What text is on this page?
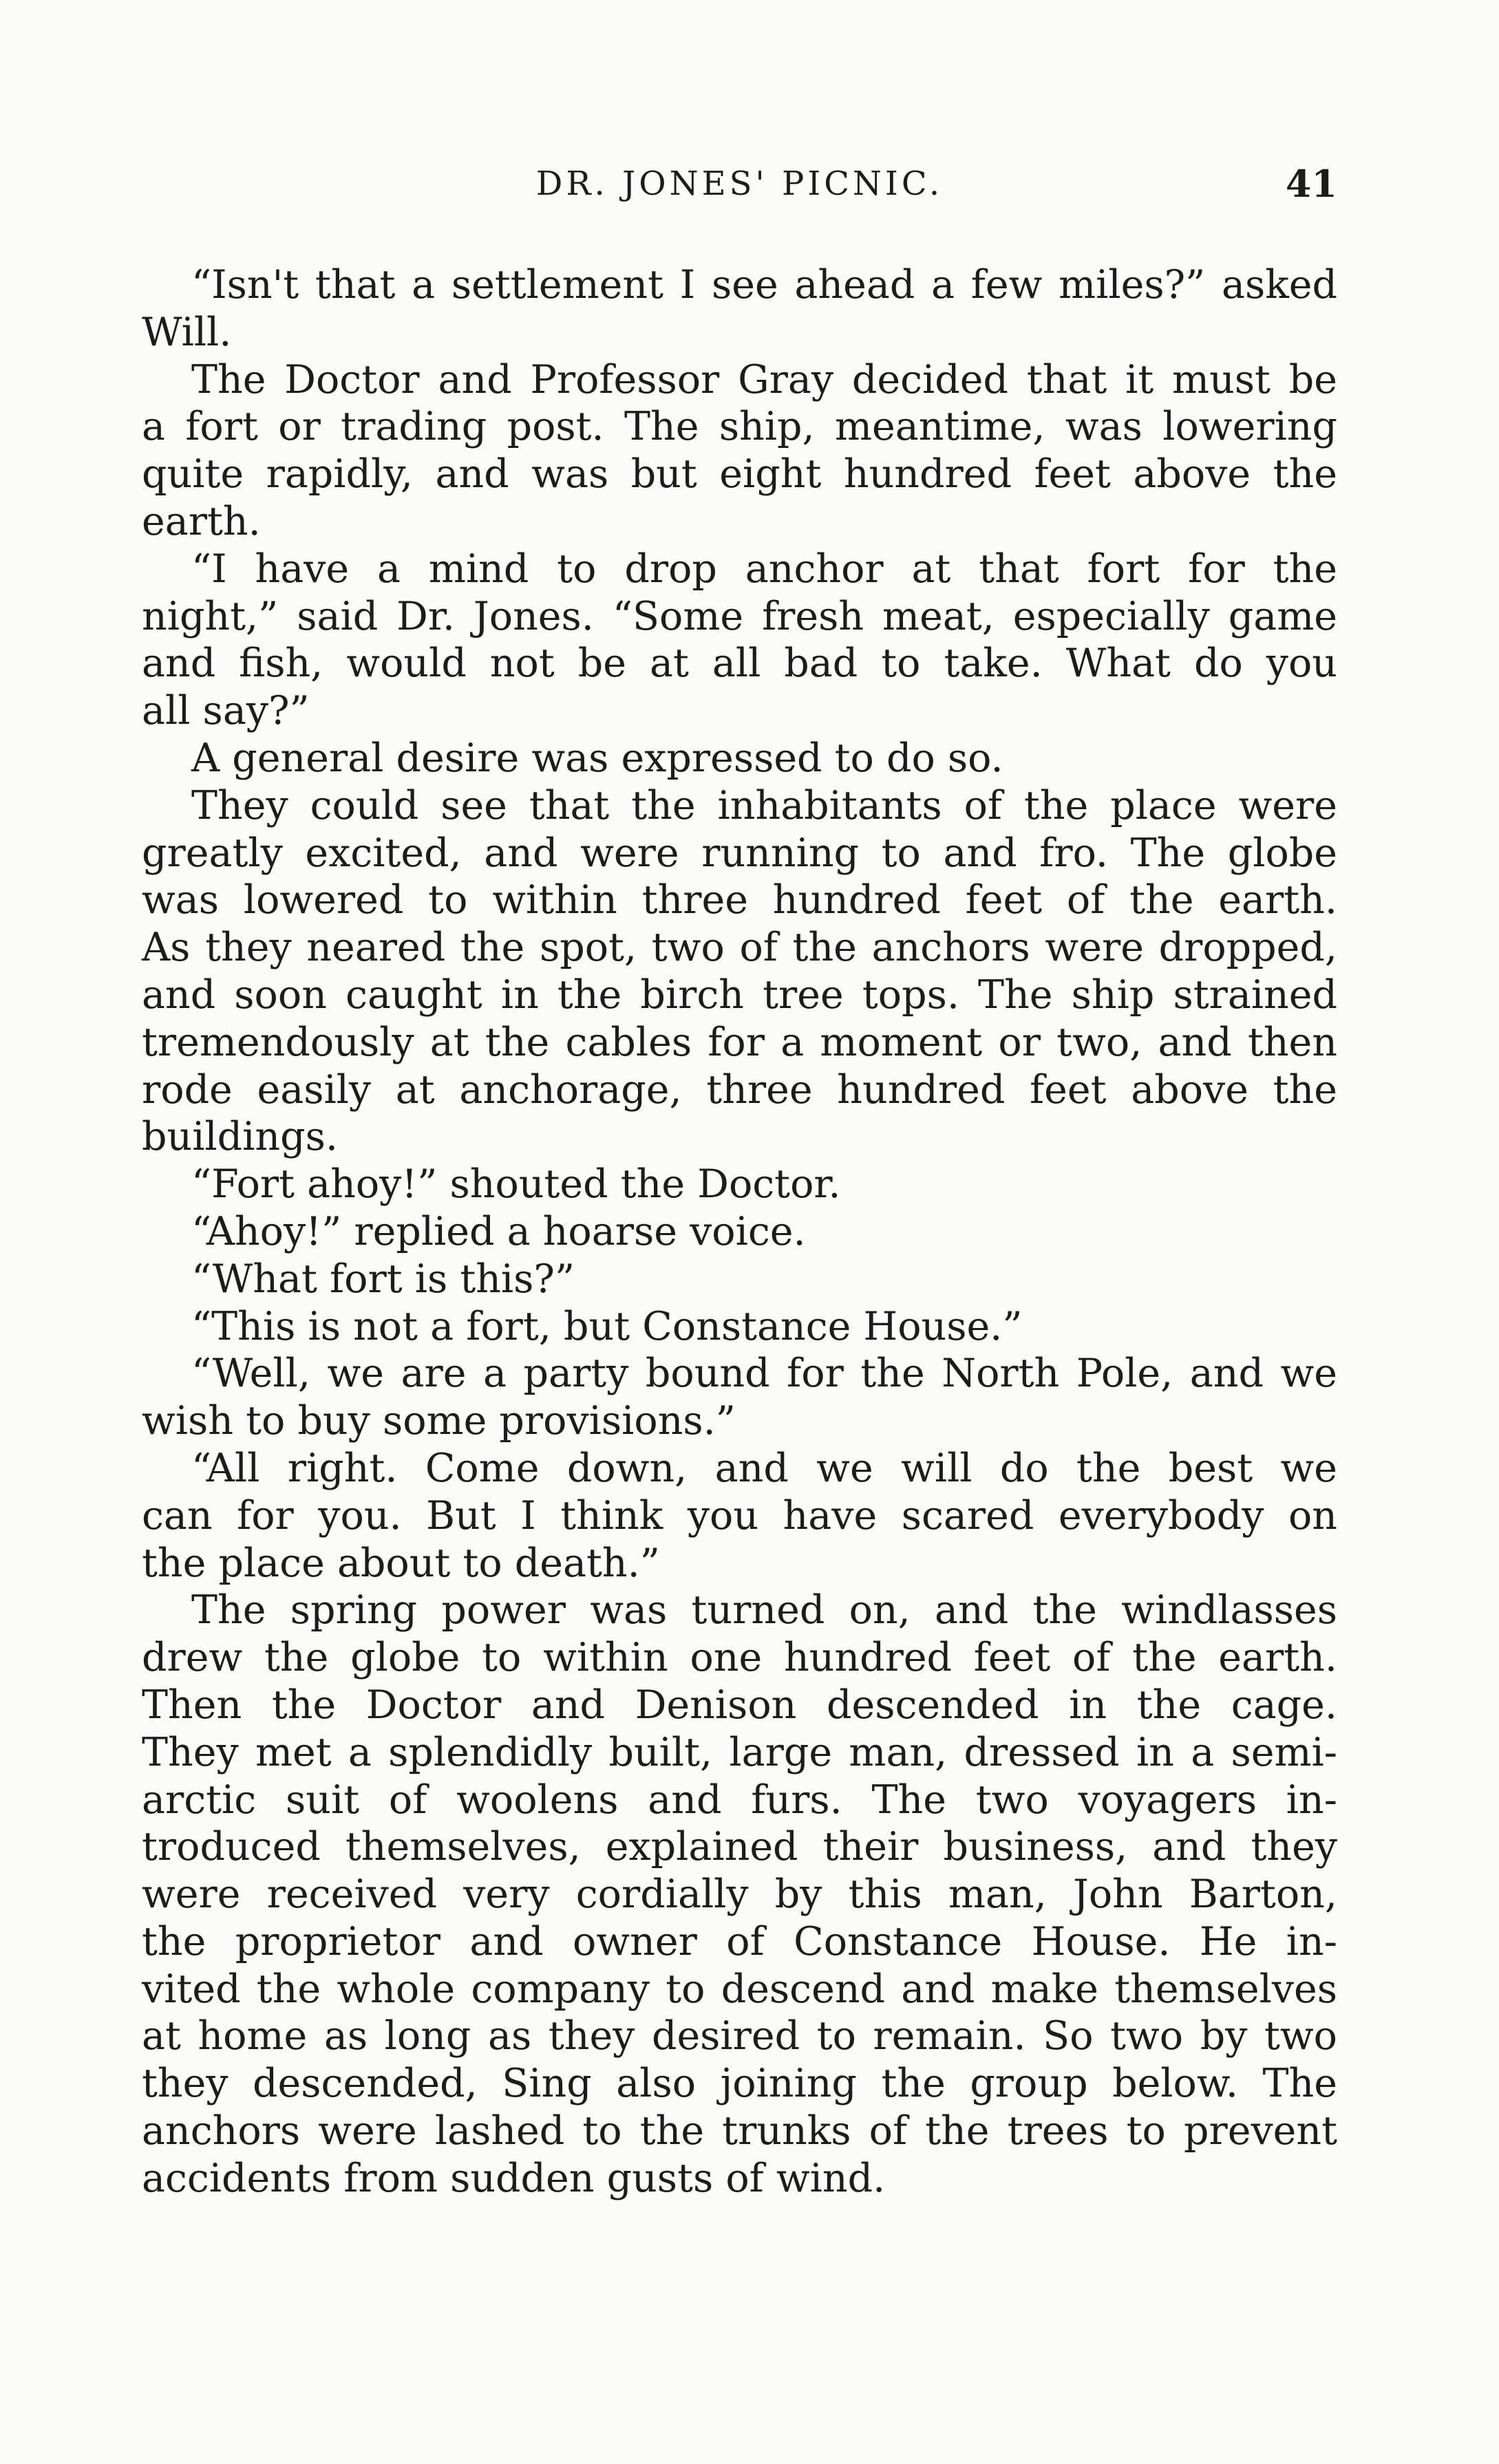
DR. JONES' PICNIC.	41
“Isn't that a settlement I see ahead a few miles?” asked
Will.
The Doctor and Professor Gray decided that it must be
a fort or trading post. The ship, meantime, was lowering
quite rapidly, and was but eight hundred feet above the
earth.
“I have a mind to drop anchor at that fort for the
night,” said Dr. Jones. “Some fresh meat, especially game
and fish, would not be at all bad to take. What do you
all say?”
A general desire was expressed to do so.
They could see that the inhabitants of the place were
greatly excited, and were running to and fro. The globe
was lowered to within three hundred feet of the earth.
As they neared the spot, two of the anchors were dropped,
and soon caught in the birch tree tops. The ship strained
tremendously at the cables for a moment or two, and then
rode easily at anchorage, three hundred feet above the
buildings.
“Fort ahoy!” shouted the Doctor.
“Ahoy!” replied a hoarse voice.
“What fort is this?”
“This is not a fort, but Constance House.”
“Well, we are a party bound for the North Pole, and we
wish to buy some provisions.”
“All right. Come down, and we will do the best we
can for you. But I think you have scared everybody on
the place about to death.”
The spring power was turned on, and the windlasses
drew the globe to within one hundred feet of the earth.
Then the Doctor and Denison descended in the cage.
They met a splendidly built, large man, dressed in a semi-
arctic suit of woolens and furs. The two voyagers in-
troduced themselves, explained their business, and they
were received very cordially by this man, John Barton,
the proprietor and owner of Constance House. He in-
vited the whole company to descend and make themselves
at home as long as they desired to remain. So two by two
they descended, Sing also joining the group below. The
anchors were lashed to the trunks of the trees to prevent
accidents from sudden gusts of wind.
